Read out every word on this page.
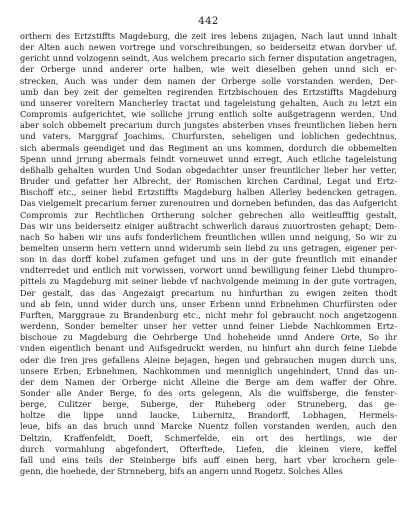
442
orthern des Ertzstiffts Magdeburg, die zeit ires lebens zujagen, Nach laut unnd inhalt
der Alten auch newen vortrege und vorschreibungen, so beiderseitz etwan dorvber uf.
gericht unnd volzogenn seindt, Aus welchem precario sich ferner disputation angetragen,
der Orberge unnd anderer orte halben, wie weit dieselben gehen unnd sich er-
strecken, Auch was under dem namen der Orberge solle vorstanden werden, Der-
umb dan bey zeit der gemelten regirenden Ertzbischouen des Ertzstiffts Magdeburg
und unserer voreltern Mancherley tractat und tageleistung gehalten, Auch zu letzt ein
Compromis aufgerichtet, wie solliche jrrung entlich solte außgetragenn werden, Und
aber solch obbemelt precarium durch jungstes absterben vnses freuntlichen lieben hern
und vaters, Marggraf Joachims, Churfursten, seheligen und loblichen gedechtnus,
sich abermals geendiget und das Regiment an uns kommen, dordurch die obbemelten
Spenn unnd jrrung abermals feindt vorneuwet unnd erregt, Auch etliche tageleistung
deßhalb gehalten wurden Und Sodan obgedachter unser freuntlicher lieber her vetter,
Bruder und gefatter her Albrecht, der Romischen kirchen Cardinal, Legat und Ertz-
Bischoff etc., seiner liebd Ertzstiffts Magdeburg halben Allerley bedencken getragen.
Das vielgemelt precarium ferner zurenouiren und dorneben befunden, das das Aufgericht
Compromis zur Rechtlichen Ortherung solcher gebrechen allo weitleufftig gestalt,
Das wir uns beiderseitz einiger außtracht schwerlich daraus zuuortrosten gehapt; Dem-
nach So haben wir uns aufs fonderlichem freuntlichen willen unnd neigung, So wir zu
bemelten unserm hern vettern unnd widerumb sein liebd zu uns getragen, eigener per-
son in das dorff kobel zufamen gefuget und uns in der gute freuntlich mit einander
vndterredet und entlich mit vorwissen, vorwort unnd bewilligung feiner Liebd thumpro-
pittels zu Magdeburg mit seiner liebde vf nachvolgende meinung in der gute vortragen,
Der gestalt, das das Angezaigt precarium nu hinfurthan zu ewigen zeiten thodt
und ab fein, unnd wider durch uns, unser Erbenn unnd Erbnehmen Churfürsten oder
Furften, Marggraue zu Brandenburg etc., nicht mehr fol gebraucht noch angetzogenn
werdenn, Sonder bemelter unser her vetter unnd feiner Liebde Nachkommen Ertz-
bischoue zu Magdeburg die Oehrberge Und hoheheide unnd Andere Orte, So ihr
vnden eigentlich benant und Aufsgedruckt werden, nu hinfurt ahn durch feine Liebde
oder die Iren jres gefallens Aleine bejagen, hegen und gebrauchen mugen durch uns,
unsere Erben, Erbnehmen, Nachkommen und menniglich ungehindert, Unnd das un-
der dem Namen der Orberge nicht Alleine die Berge am dem waffer der Ohre.
Sonder alle Ander Berge, fo des orts gelegenn, Als die wulffsberge, die fenster-
berge, Culitzer berge, Suberge, der Ruheberg oder Struneberg, das ge-
holtze die lippe unnd laucke, Lubernitz, Brandorff, Lobhagen, Hermels-
leue, bifs an das bruch unnd Marcke Nuentz follen vorstanden werden, auch den
Deltzin, Kraffenfeldt, Doeft, Schmerfelde, ein ort des hertlings, wie der
durch vormahlung abgefondert, Ofterftede, Liefen, die kleinen viere, keffel
fall und eins teils der Steinberge bifs auff einen berg, hart vber krochern gele-
genn, die hoehede, der Strnneberg, bifs an angern unnd Rogetz. Solches Alles
